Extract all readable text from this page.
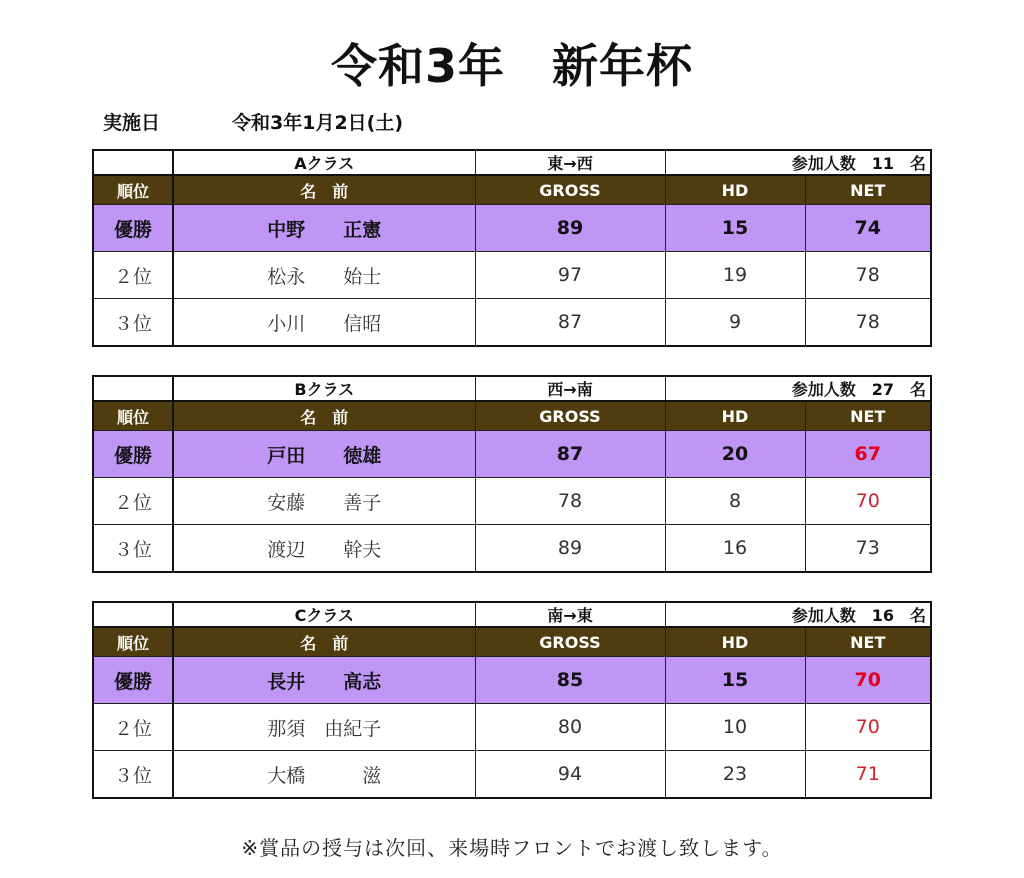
令和3年　新年杯
実施日	令和3年1月2日(土)
	Aクラス	東→西	参加人数　11　名	
順位	名　前	GROSS	HD	NET
優勝	中野　　正憲	89	15	74
２位	松永　　始士	97	19	78
３位	小川　　信昭	87	9	78
	Bクラス	西→南	参加人数　27　名	
順位	名　前	GROSS	HD	NET
優勝	戸田　　徳雄	87	20	67
２位	安藤　　善子	78	8	70
３位	渡辺　　幹夫	89	16	73
	Cクラス	南→東	参加人数　16　名	
順位	名　前	GROSS	HD	NET
優勝	長井　　高志	85	15	70
２位	那須　由紀子	80	10	70
３位	大橋　　　滋	94	23	71
※賞品の授与は次回、来場時フロントでお渡し致します。
